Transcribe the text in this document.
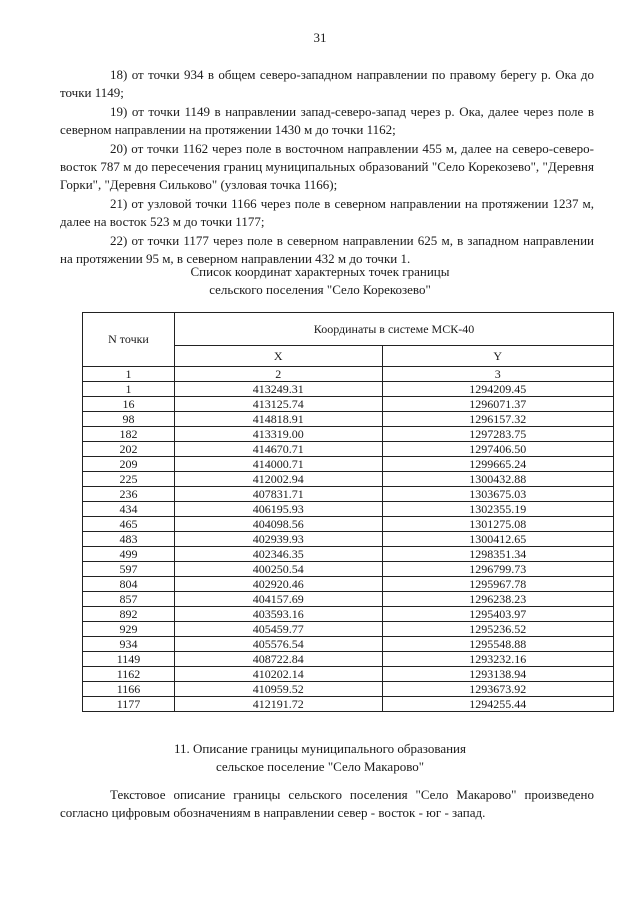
31

18) от точки 934 в общем северо-западном направлении по правому берегу р. Ока до точки 1149;

19) от точки 1149 в направлении запад-северо-запад через р. Ока, далее через поле в северном направлении на протяжении 1430 м до точки 1162;

20) от точки 1162 через поле в восточном направлении 455 м, далее на северо-северо-восток 787 м до пересечения границ муниципальных образований "Село Корекозево", "Деревня Горки", "Деревня Сильково" (узловая точка 1166);

21) от узловой точки 1166 через поле в северном направлении на протяжении 1237 м, далее на восток 523 м до точки 1177;

22) от точки 1177 через поле в северном направлении 625 м, в западном направлении на протяжении 95 м, в северном направлении 432 м до точки 1.

Список координат характерных точек границы
сельского поселения "Село Корекозево"
N точки	Координаты в системе МСК-40	
	X	Y
1	2	3
1	413249.31	1294209.45
16	413125.74	1296071.37
98	414818.91	1296157.32
182	413319.00	1297283.75
202	414670.71	1297406.50
209	414000.71	1299665.24
225	412002.94	1300432.88
236	407831.71	1303675.03
434	406195.93	1302355.19
465	404098.56	1301275.08
483	402939.93	1300412.65
499	402346.35	1298351.34
597	400250.54	1296799.73
804	402920.46	1295967.78
857	404157.69	1296238.23
892	403593.16	1295403.97
929	405459.77	1295236.52
934	405576.54	1295548.88
1149	408722.84	1293232.16
1162	410202.14	1293138.94
1166	410959.52	1293673.92
1177	412191.72	1294255.44
11. Описание границы муниципального образования
сельское поселение "Село Макарово"

Текстовое описание границы сельского поселения "Село Макарово" произведено согласно цифровым обозначениям в направлении север - восток - юг - запад.
